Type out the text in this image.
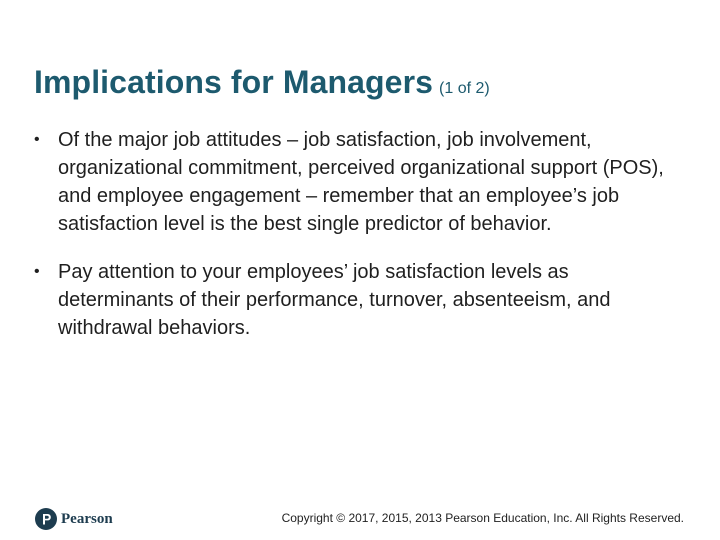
Implications for Managers (1 of 2)
• Of the major job attitudes – job satisfaction, job involvement, organizational commitment, perceived organizational support (POS), and employee engagement – remember that an employee’s job satisfaction level is the best single predictor of behavior.
• Pay attention to your employees’ job satisfaction levels as determinants of their performance, turnover, absenteeism, and withdrawal behaviors.
Pearson	Copyright © 2017, 2015, 2013 Pearson Education, Inc. All Rights Reserved.
